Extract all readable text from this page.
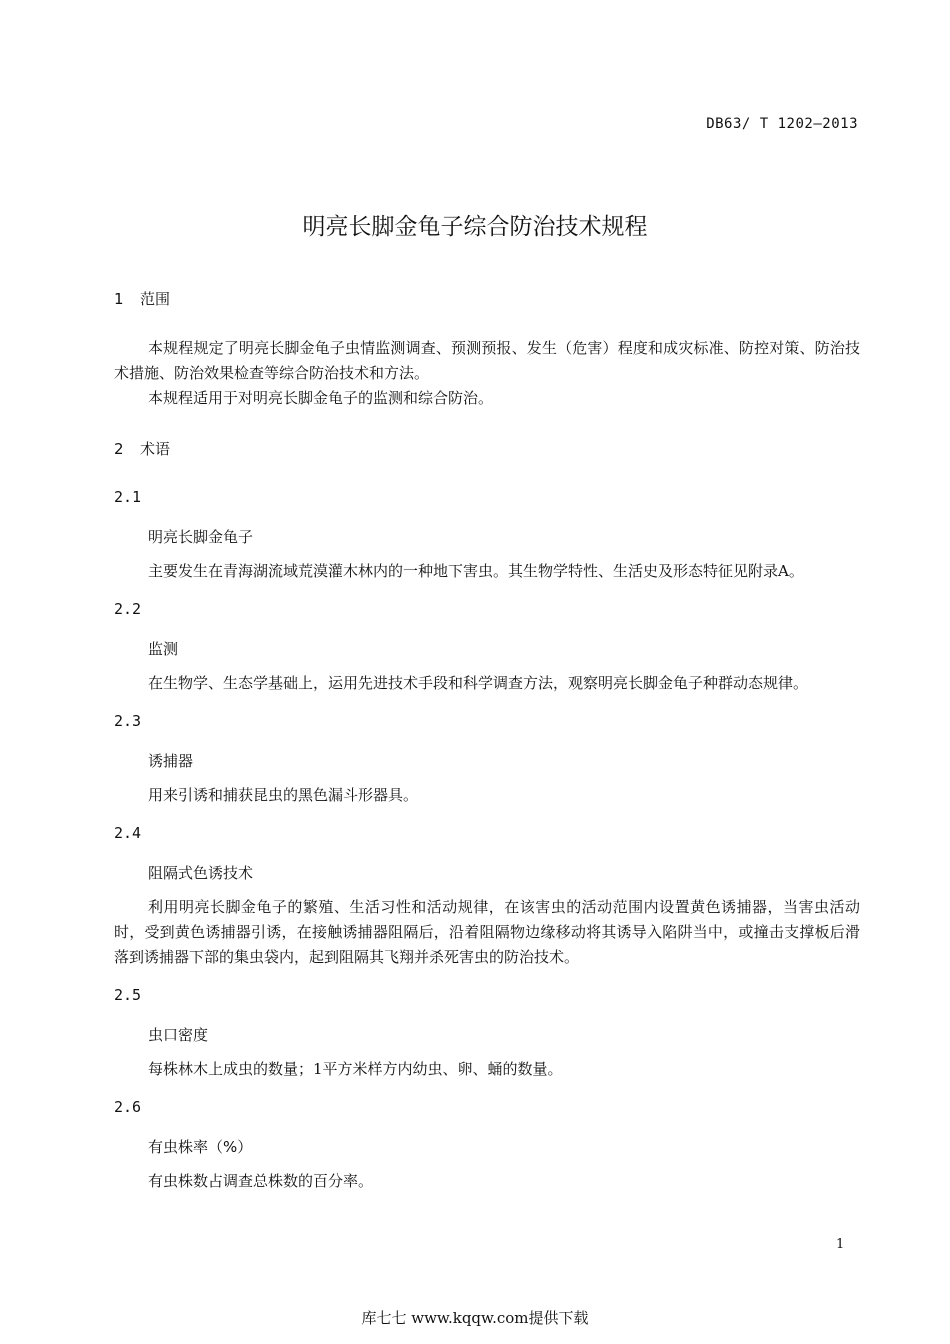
DB63/ T 1202—2013
明亮长脚金龟子综合防治技术规程
1 范围
本规程规定了明亮长脚金龟子虫情监测调查、预测预报、发生（危害）程度和成灾标准、防控对策、防治技术措施、防治效果检查等综合防治技术和方法。
本规程适用于对明亮长脚金龟子的监测和综合防治。
2 术语
2.1
明亮长脚金龟子
主要发生在青海湖流域荒漠灌木林内的一种地下害虫。其生物学特性、生活史及形态特征见附录A。
2.2
监测
在生物学、生态学基础上，运用先进技术手段和科学调查方法，观察明亮长脚金龟子种群动态规律。
2.3
诱捕器
用来引诱和捕获昆虫的黑色漏斗形器具。
2.4
阻隔式色诱技术
利用明亮长脚金龟子的繁殖、生活习性和活动规律，在该害虫的活动范围内设置黄色诱捕器，当害虫活动时，受到黄色诱捕器引诱，在接触诱捕器阻隔后，沿着阻隔物边缘移动将其诱导入陷阱当中，或撞击支撑板后滑落到诱捕器下部的集虫袋内，起到阻隔其飞翔并杀死害虫的防治技术。
2.5
虫口密度
每株林木上成虫的数量；1平方米样方内幼虫、卵、蛹的数量。
2.6
有虫株率（%）
有虫株数占调查总株数的百分率。
1
库七七 www.kqqw.com提供下载
